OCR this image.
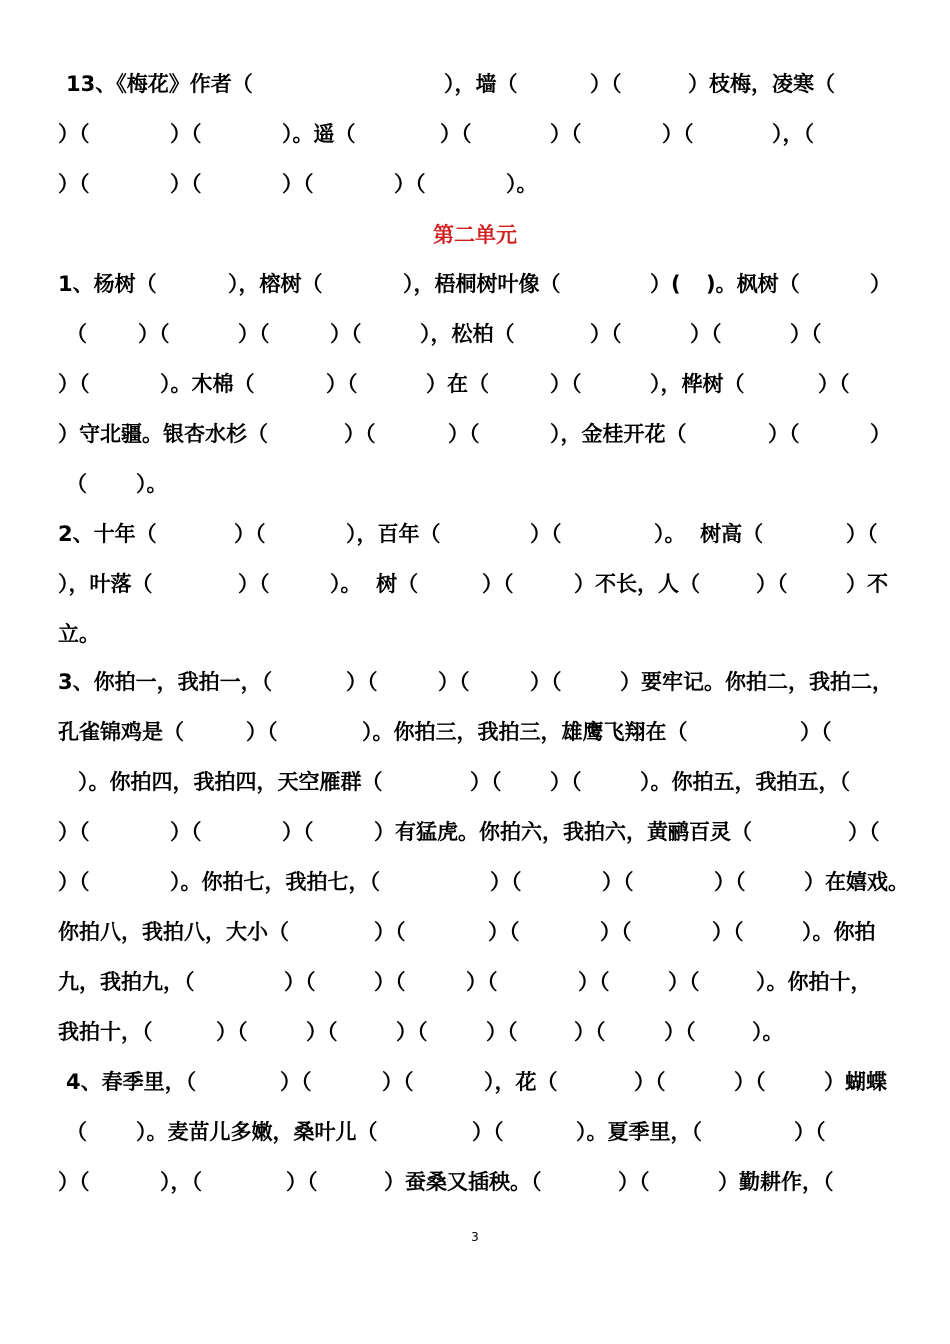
第二单元
13、《梅花》作者（	），墙（	）（	）枝梅，凌寒（
）（	）（	）。遥（	）（	）（	）（	），（
）（	）（	）（	）（	）。
1、杨树（	），榕树（	），梧桐树叶像（	）( )。枫树（	）
（ ）（	）（	）（	），松柏（	）（	）（	）（
）（	）。木棉（	）（	）在（	）（	），桦树（	）（
）守北疆。银杏水杉（	）（	）（	），金桂开花（	）（	）
（ ）。
2、十年（	）（	），百年（	）（	）。  树高（	）（
），叶落（	）（	）。  树（	）（	）不长，人（	）（	）不
立。
3、你拍一，我拍一，（	）（	）（	）（	）要牢记。你拍二，我拍二，
孔雀锦鸡是（	）（	）。你拍三，我拍三，雄鹰飞翔在（	）（
）。你拍四，我拍四，天空雁群（	）（ ）（	）。你拍五，我拍五，（
）（	）（	）（	）有猛虎。你拍六，我拍六，黄鹂百灵（	）（
）（	）。你拍七，我拍七，（	）（	）（	）（	）在嬉戏。
你拍八，我拍八，大小（	）（	）（	）（	）（	）。你拍
九，我拍九，（	）（	）（	）（	）（	）（	）。你拍十，
我拍十，（	）（	）（	）（	）（	）（	）（	）。
4、春季里，（	）（	）（	），花（	）（	）（	）蝴蝶
（ ）。麦苗儿多嫩，桑叶儿（	）（	）。夏季里，（	）（
）（	），（	）（	）蚕桑又插秧。（	）（	）勤耕作，（
3
